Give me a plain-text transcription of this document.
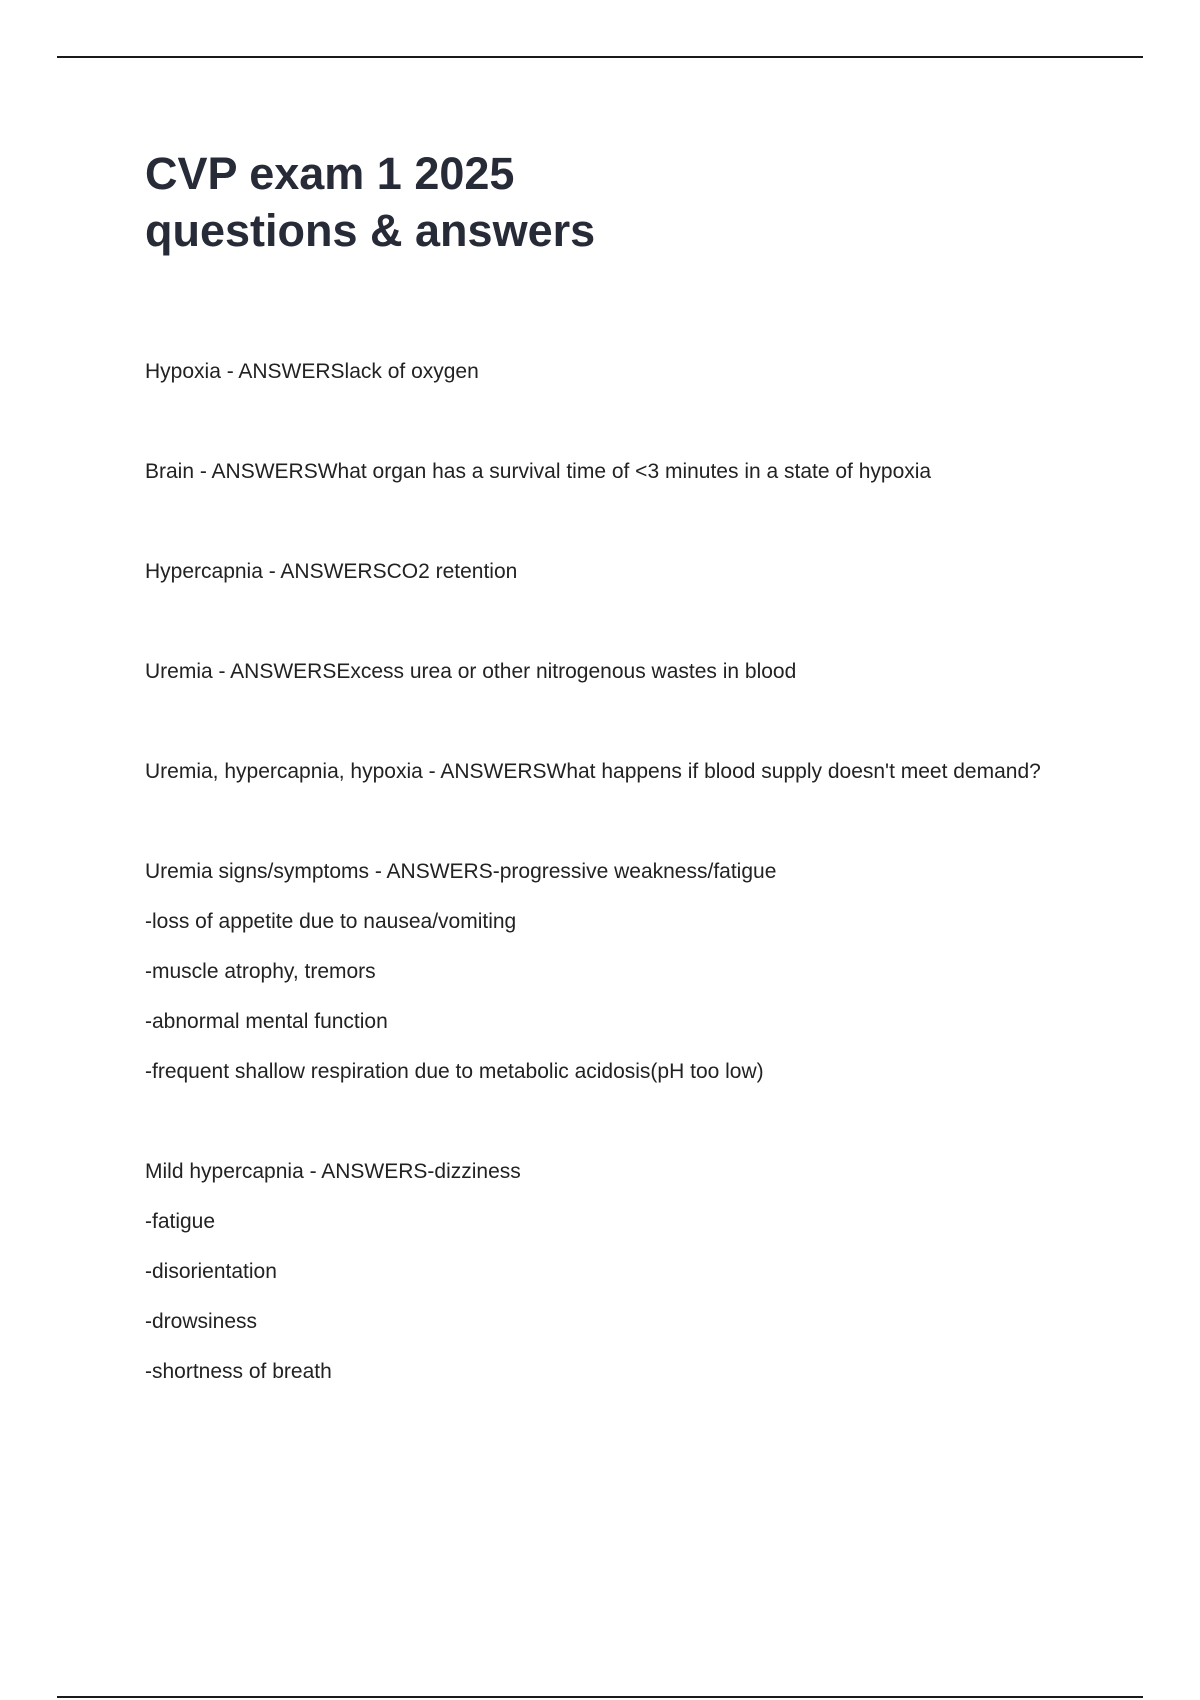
CVP exam 1 2025
questions & answers
Hypoxia - ANSWERSlack of oxygen
Brain - ANSWERSWhat organ has a survival time of <3 minutes in a state of hypoxia
Hypercapnia - ANSWERSCO2 retention
Uremia - ANSWERSExcess urea or other nitrogenous wastes in blood
Uremia, hypercapnia, hypoxia - ANSWERSWhat happens if blood supply doesn't meet demand?
Uremia signs/symptoms - ANSWERS-progressive weakness/fatigue
-loss of appetite due to nausea/vomiting
-muscle atrophy, tremors
-abnormal mental function
-frequent shallow respiration due to metabolic acidosis(pH too low)
Mild hypercapnia - ANSWERS-dizziness
-fatigue
-disorientation
-drowsiness
-shortness of breath
